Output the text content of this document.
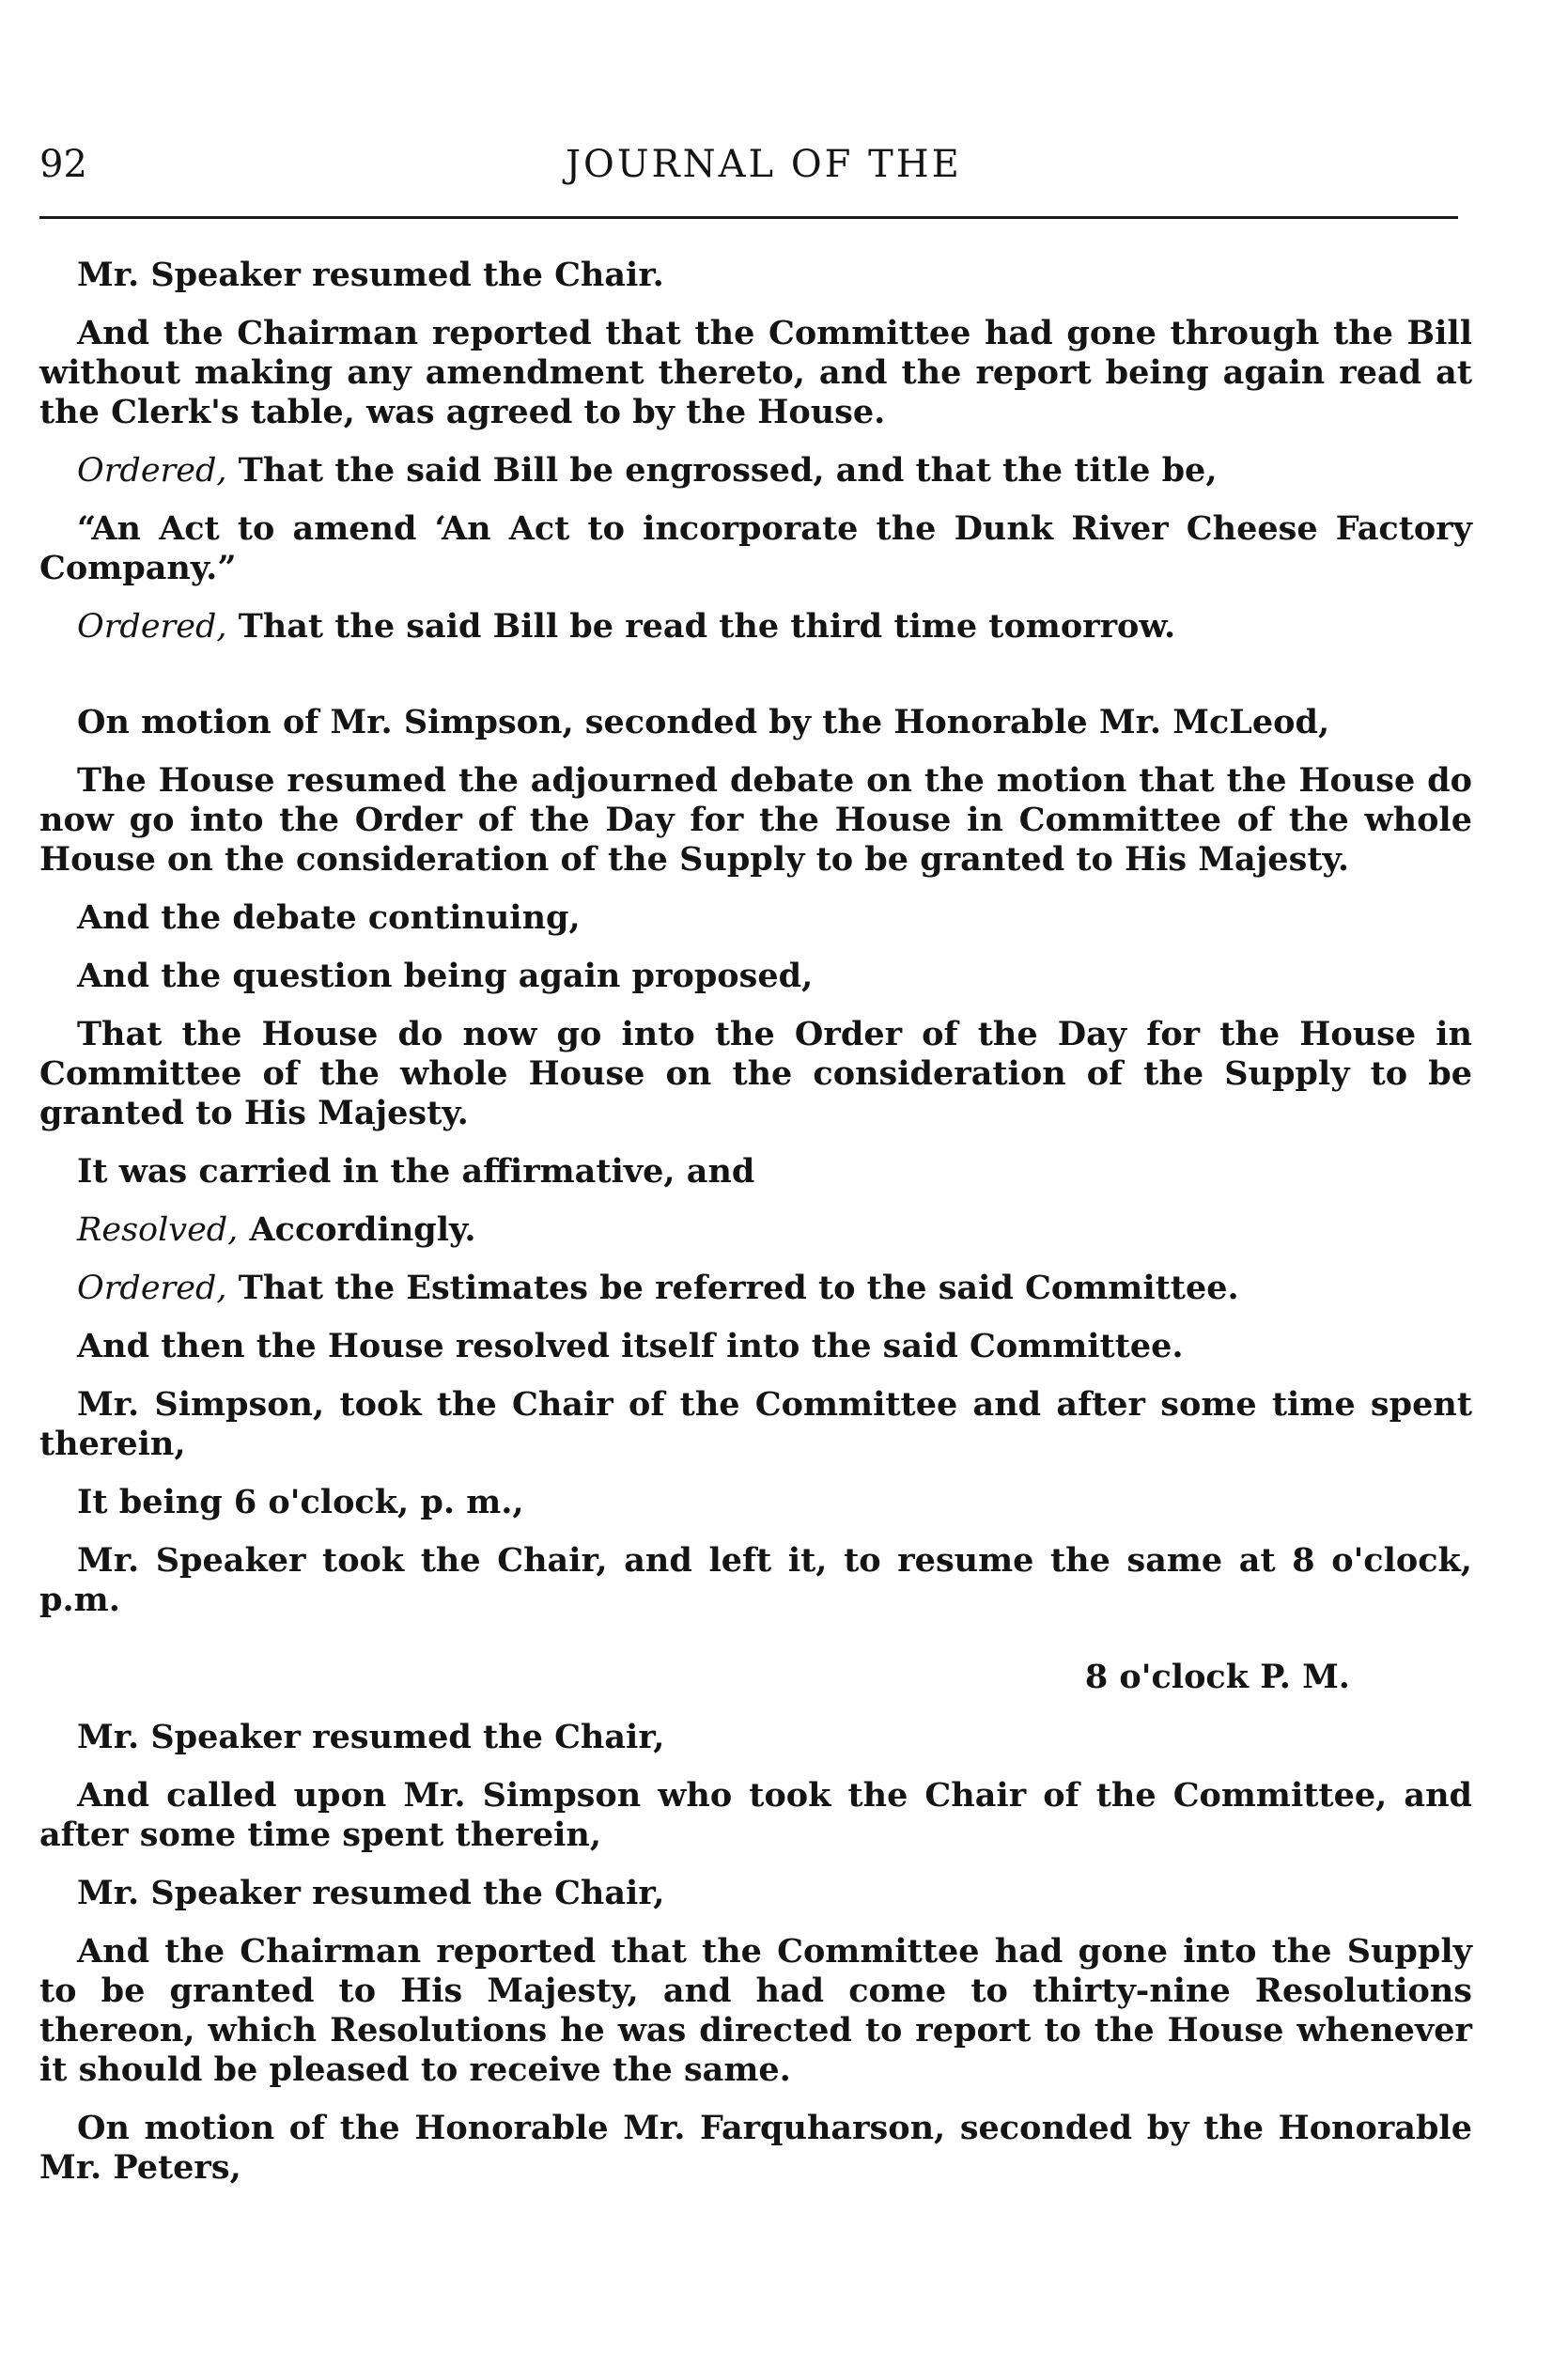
92	JOURNAL OF THE

Mr. Speaker resumed the Chair.

And the Chairman reported that the Committee had gone through the Bill without making any amendment thereto, and the report being again read at the Clerk's table, was agreed to by the House.

Ordered, That the said Bill be engrossed, and that the title be,

“An Act to amend ‘An Act to incorporate the Dunk River Cheese Factory Company.”

Ordered, That the said Bill be read the third time tomorrow.

On motion of Mr. Simpson, seconded by the Honorable Mr. McLeod,

The House resumed the adjourned debate on the motion that the House do now go into the Order of the Day for the House in Committee of the whole House on the consideration of the Supply to be granted to His Majesty.

And the debate continuing,

And the question being again proposed,

That the House do now go into the Order of the Day for the House in Committee of the whole House on the consideration of the Supply to be granted to His Majesty.

It was carried in the affirmative, and

Resolved, Accordingly.

Ordered, That the Estimates be referred to the said Committee.

And then the House resolved itself into the said Committee.

Mr. Simpson, took the Chair of the Committee and after some time spent therein,

It being 6 o'clock, p. m.,

Mr. Speaker took the Chair, and left it, to resume the same at 8 o'clock, p.m.

8 o'clock P. M.

Mr. Speaker resumed the Chair,

And called upon Mr. Simpson who took the Chair of the Committee, and after some time spent therein,

Mr. Speaker resumed the Chair,

And the Chairman reported that the Committee had gone into the Supply to be granted to His Majesty, and had come to thirty-nine Resolutions thereon, which Resolutions he was directed to report to the House whenever it should be pleased to receive the same.

On motion of the Honorable Mr. Farquharson, seconded by the Honorable Mr. Peters,
